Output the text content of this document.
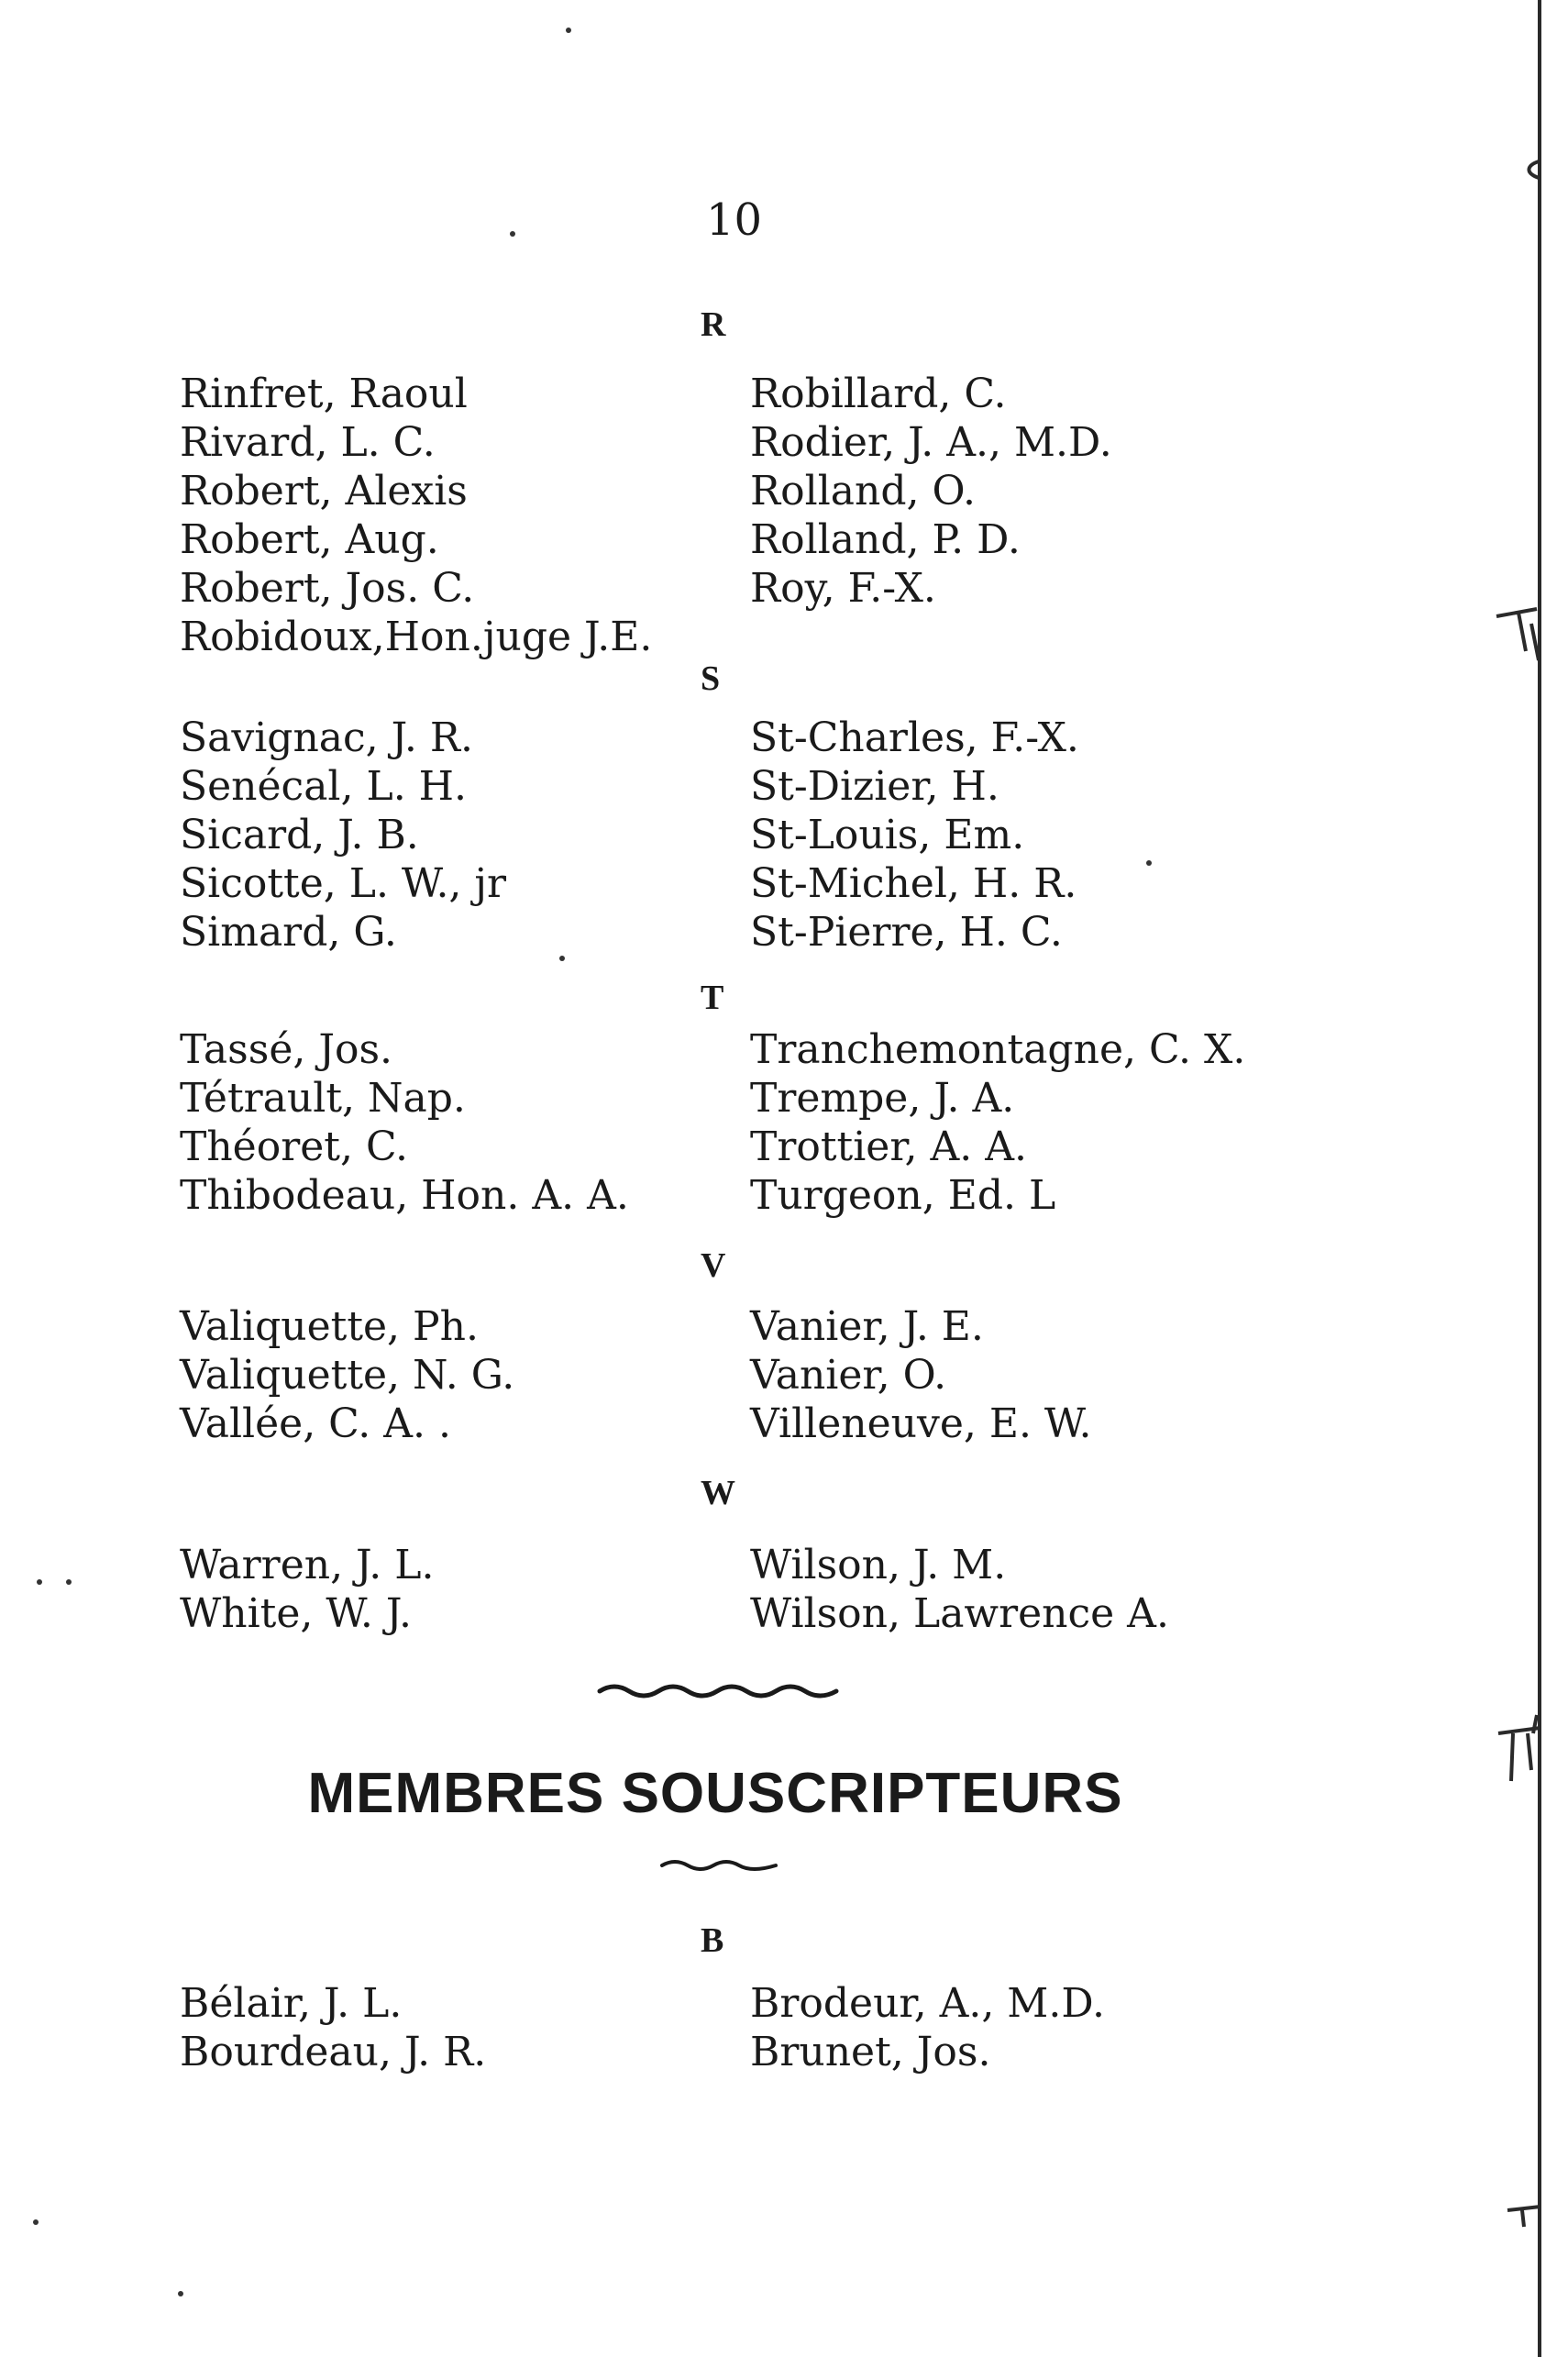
10
R
Rinfret, Raoul
Rivard, L. C.
Robert, Alexis
Robert, Aug.
Robert, Jos. C.
Robidoux,Hon.juge J.E.
Robillard, C.
Rodier, J. A., M.D.
Rolland, O.
Rolland, P. D.
Roy, F.-X.
S
Savignac, J. R.
Senécal, L. H.
Sicard, J. B.
Sicotte, L. W., jr
Simard, G.
St-Charles, F.-X.
St-Dizier, H.
St-Louis, Em.
St-Michel, H. R.
St-Pierre, H. C.
T
Tassé, Jos.
Tétrault, Nap.
Théoret, C.
Thibodeau, Hon. A. A.
Tranchemontagne, C. X.
Trempe, J. A.
Trottier, A. A.
Turgeon, Ed. L
V
Valiquette, Ph.
Valiquette, N. G.
Vallée, C. A. .
Vanier, J. E.
Vanier, O.
Villeneuve, E. W.
W
Warren, J. L.
White, W. J.
Wilson, J. M.
Wilson, Lawrence A.
MEMBRES SOUSCRIPTEURS
B
Bélair, J. L.
Bourdeau, J. R.
Brodeur, A., M.D.
Brunet, Jos.
